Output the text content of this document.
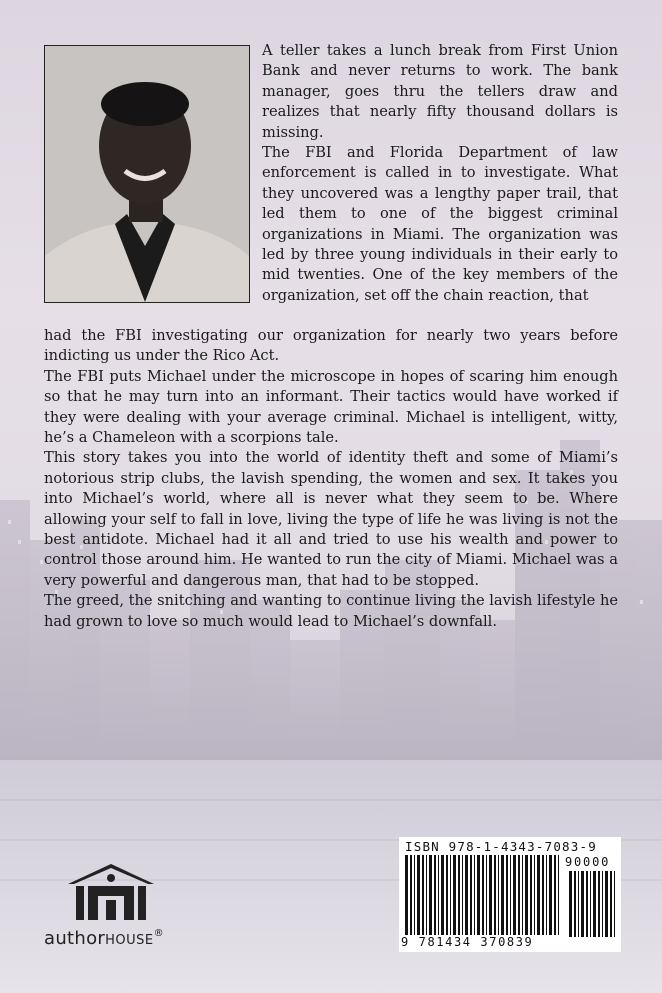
A teller takes a lunch break from First Union Bank and never returns to work. The bank manager, goes thru the tellers draw and realizes that nearly fifty thousand dollars is missing.

The FBI and Florida Department of law enforcement is called in to investigate. What they uncovered was a lengthy paper trail, that led them to one of the biggest criminal organizations in Miami. The organization was led by three young individuals in their early to mid twenties. One of the key members of the organization, set off the chain reaction, that

had the FBI investigating our organization for nearly two years before indicting us under the Rico Act.

The FBI puts Michael under the microscope in hopes of scaring him enough so that he may turn into an informant. Their tactics would have worked if they were dealing with your average criminal. Michael is intelligent, witty, he’s a Chameleon with a scorpions tale.

This story takes you into the world of identity theft and some of Miami’s notorious strip clubs, the lavish spending, the women and sex. It takes you into Michael’s world, where all is never what they seem to be. Where allowing your self to fall in love, living the type of life he was living is not the best antidote. Michael had it all and tried to use his wealth and power to control those around him. He wanted to run the city of Miami. Michael was a very powerful and dangerous man, that had to be stopped.

The greed, the snitching and wanting to continue living the lavish lifestyle he had grown to love so much would lead to Michael’s downfall.

authorHOUSE®
ISBN 978-1-4343-7083-9
90000
9 781434 370839
